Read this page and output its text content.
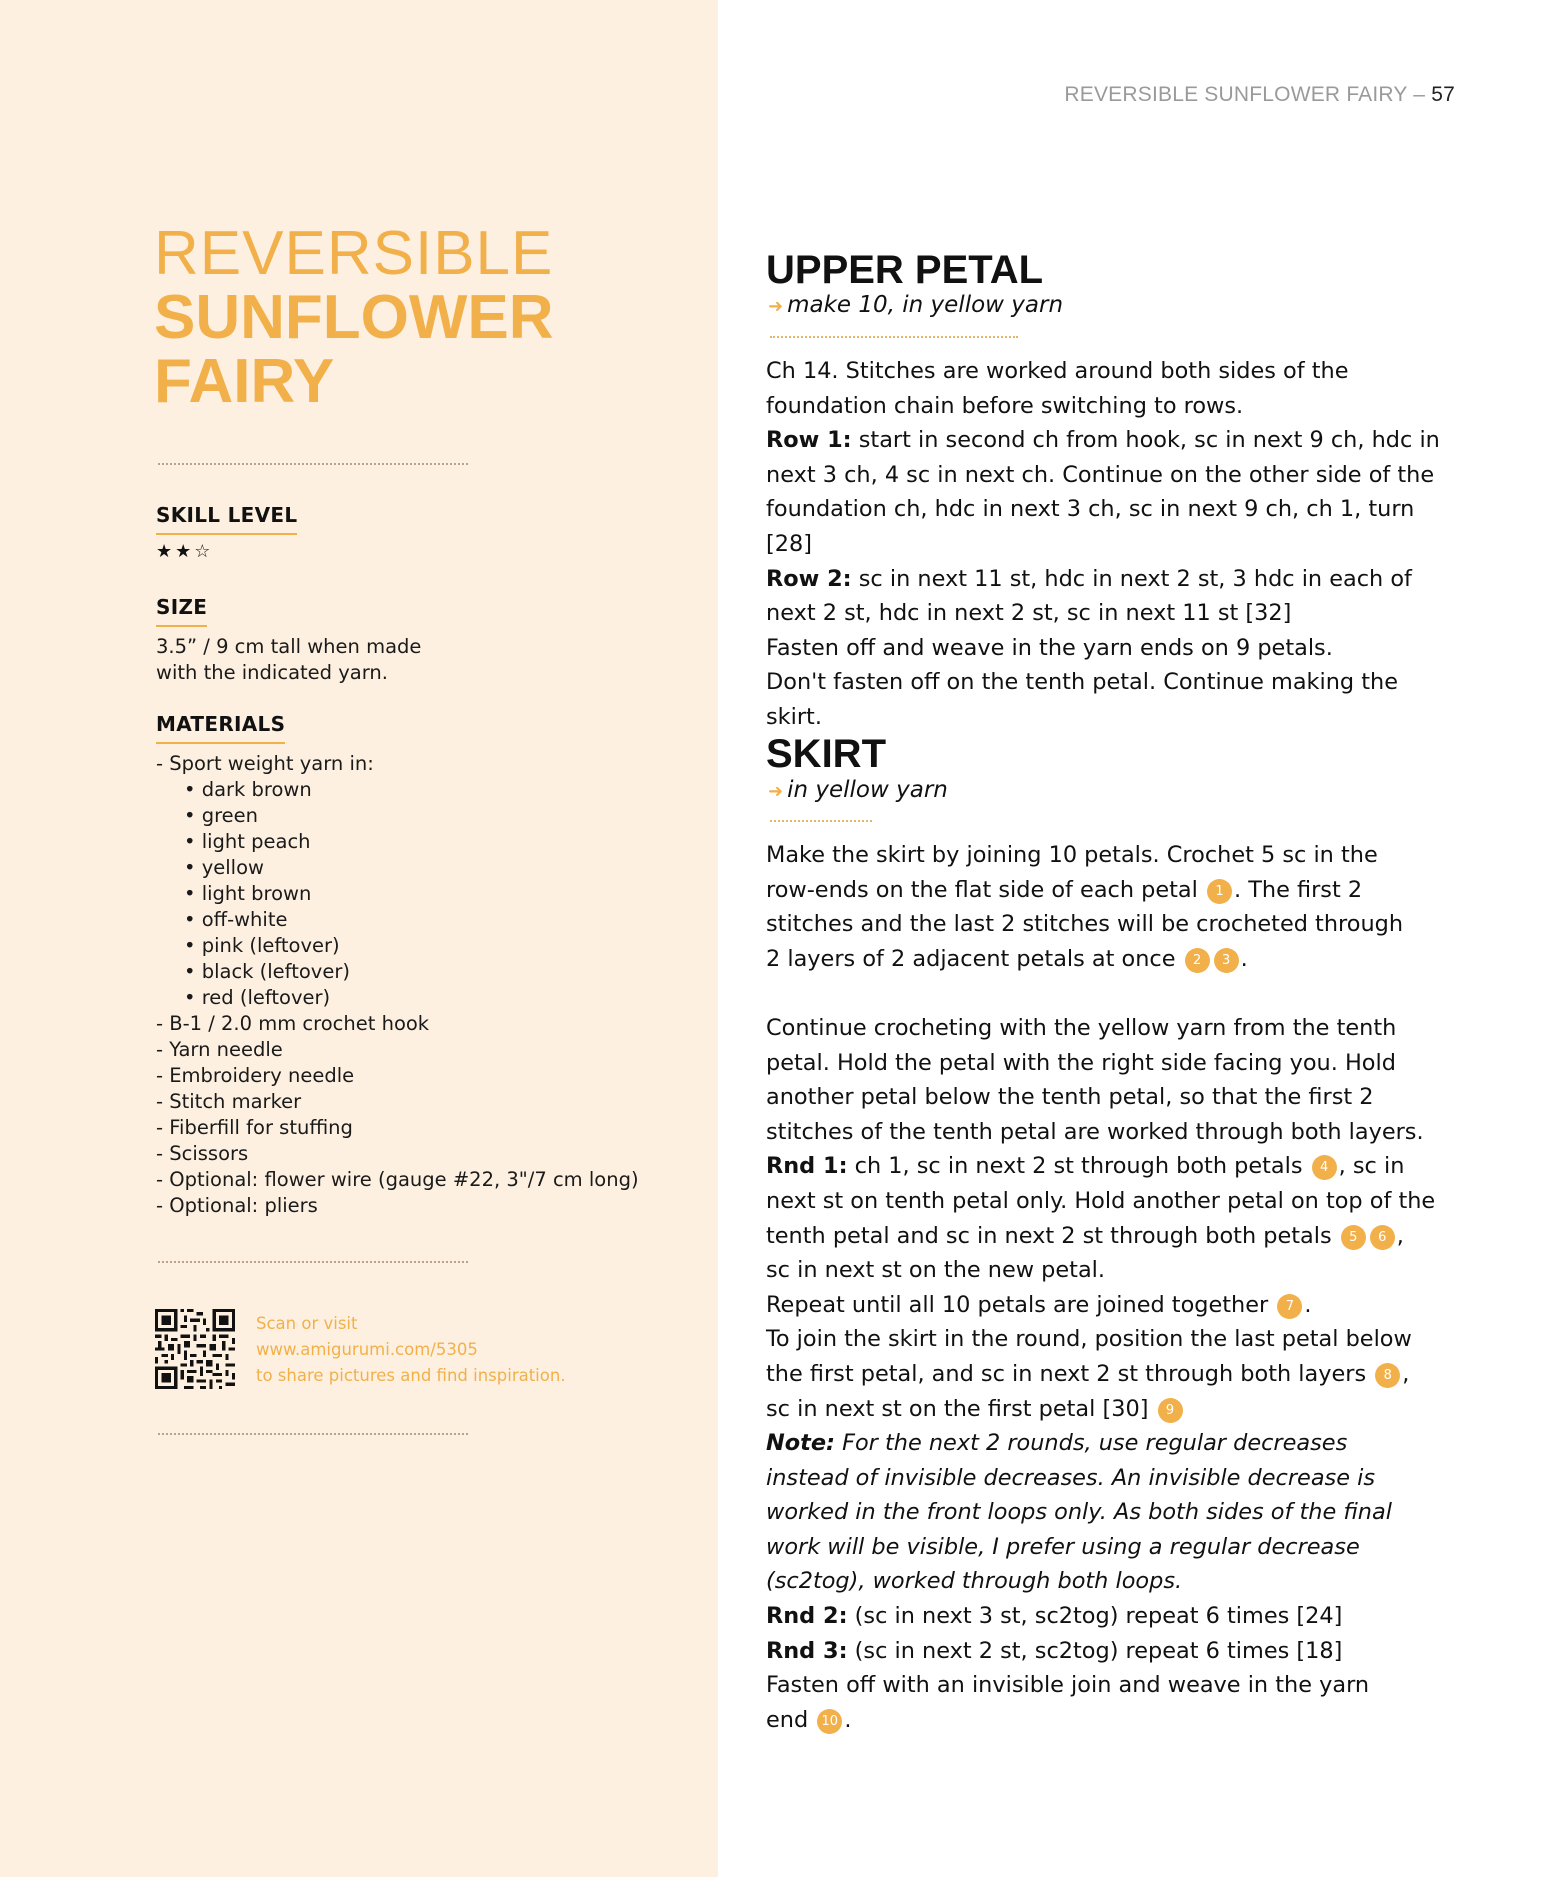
REVERSIBLE
SUNFLOWER
FAIRY
SKILL LEVEL
★★☆
SIZE

3.5” / 9 cm tall when made
with the indicated yarn.

MATERIALS
- Sport weight yarn in:
• dark brown
• green
• light peach
• yellow
• light brown
• off-white
• pink (leftover)
• black (leftover)
• red (leftover)
- B-1 / 2.0 mm crochet hook
- Yarn needle
- Embroidery needle
- Stitch marker
- Fiberfill for stuffing
- Scissors
- Optional: flower wire (gauge #22, 3"/7 cm long)
- Optional: pliers
Scan or visit
www.amigurumi.com/5305
to share pictures and find inspiration.
REVERSIBLE SUNFLOWER FAIRY – 57
UPPER PETAL
➜ make 10, in yellow yarn

Ch 14. Stitches are worked around both sides of the

foundation chain before switching to rows.

Row 1: start in second ch from hook, sc in next 9 ch, hdc in

next 3 ch, 4 sc in next ch. Continue on the other side of the

foundation ch, hdc in next 3 ch, sc in next 9 ch, ch 1, turn [28]

Row 2: sc in next 11 st, hdc in next 2 st, 3 hdc in each of

next 2 st, hdc in next 2 st, sc in next 11 st [32]

Fasten off and weave in the yarn ends on 9 petals.

Don't fasten off on the tenth petal. Continue making the

skirt.

SKIRT
➜ in yellow yarn

Make the skirt by joining 10 petals. Crochet 5 sc in the

row-ends on the flat side of each petal 1 . The first 2

stitches and the last 2 stitches will be crocheted through

2 layers of 2 adjacent petals at once 2 3 .

Continue crocheting with the yellow yarn from the tenth

petal. Hold the petal with the right side facing you. Hold

another petal below the tenth petal, so that the first 2

stitches of the tenth petal are worked through both layers.

Rnd 1: ch 1, sc in next 2 st through both petals 4 , sc in

next st on tenth petal only. Hold another petal on top of the

tenth petal and sc in next 2 st through both petals 5 6 ,

sc in next st on the new petal.

Repeat until all 10 petals are joined together 7 .

To join the skirt in the round, position the last petal below

the first petal, and sc in next 2 st through both layers 8 ,

sc in next st on the first petal [30] 9

Note: For the next 2 rounds, use regular decreases

instead of invisible decreases. An invisible decrease is

worked in the front loops only. As both sides of the final

work will be visible, I prefer using a regular decrease

(sc2tog), worked through both loops.

Rnd 2: (sc in next 3 st, sc2tog) repeat 6 times [24]

Rnd 3: (sc in next 2 st, sc2tog) repeat 6 times [18]

Fasten off with an invisible join and weave in the yarn

end 10 .
